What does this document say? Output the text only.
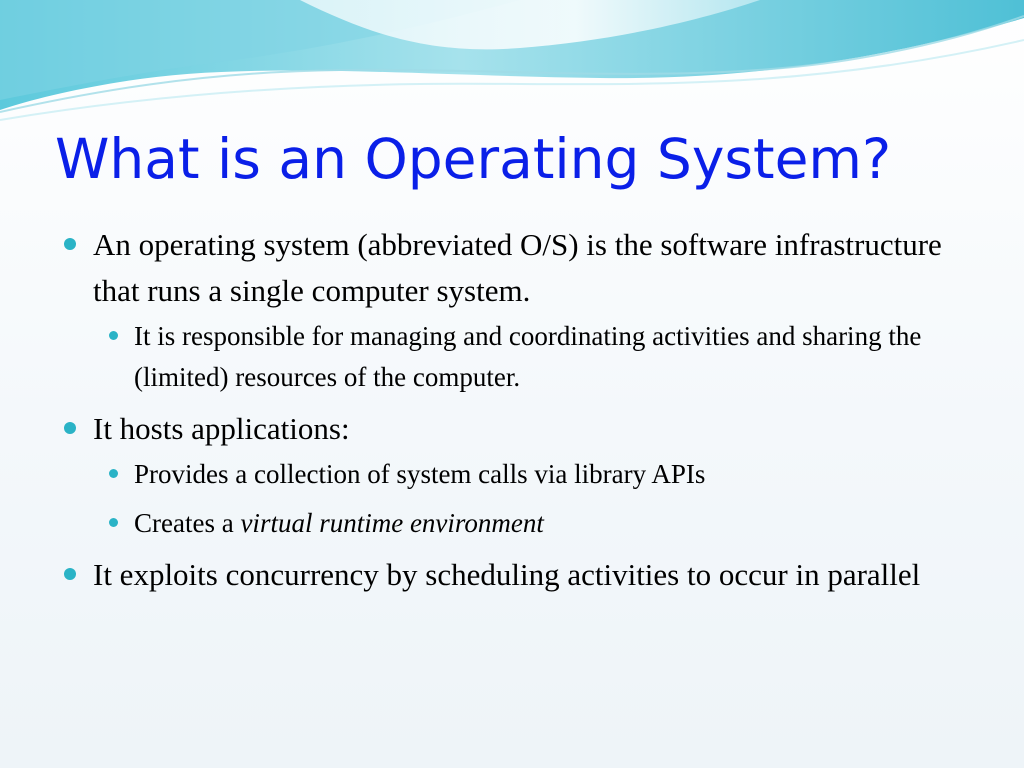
What is an Operating System?
An operating system (abbreviated O/S) is the software infrastructure that runs a single computer system.
It is responsible for managing and coordinating activities and sharing the (limited) resources of the computer.
It hosts applications:
Provides a collection of system calls via library APIs
Creates a virtual runtime environment
It exploits concurrency by scheduling activities to occur in parallel
